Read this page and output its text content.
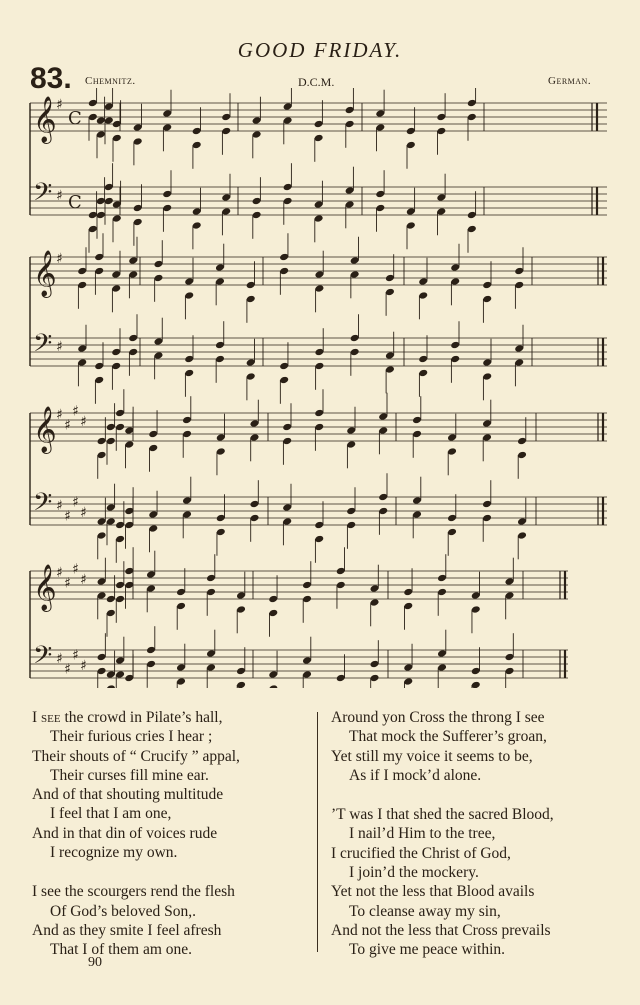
GOOD FRIDAY.
83. Chemnitz.	D.C.M.	German.
𝄞 ♯
C
𝄢 ♯ C
𝄞 ♯
𝄢 ♯
𝄞 ♯
♯
♯
♯
𝄢 ♯
♯
♯
♯
𝄞 ♯
♯
♯
♯
𝄢 ♯
♯
♯
♯
I see the crowd in Pilate’s hall,
Their furious cries I hear ;
Their shouts of “ Crucify ” appal,
Their curses fill mine ear.
And of that shouting multitude
I feel that I am one,
And in that din of voices rude
I recognize my own.
I see the scourgers rend the flesh
Of God’s beloved Son,.
And as they smite I feel afresh
That I of them am one.
Around yon Cross the throng I see
That mock the Sufferer’s groan,
Yet still my voice it seems to be,
As if I mock’d alone.
’T was I that shed the sacred Blood,
I nail’d Him to the tree,
I crucified the Christ of God,
I join’d the mockery.
Yet not the less that Blood avails
To cleanse away my sin,
And not the less that Cross prevails
To give me peace within.
90
